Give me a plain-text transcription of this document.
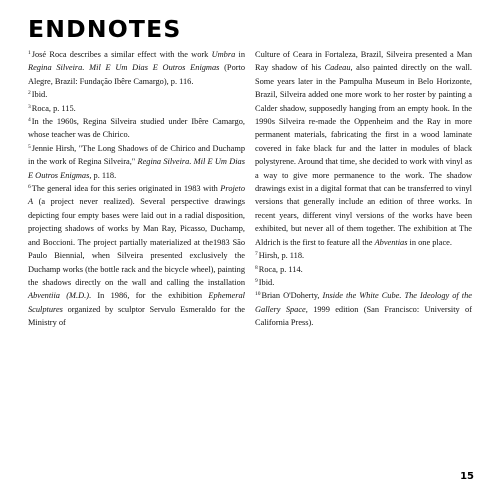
ENDNOTES

$^1$José Roca describes a similar effect with the work Umbra in Regina Silveira. Mil E Um Dias E Outros Enigmas (Porto Alegre, Brazil: Fundação Ibêre Camargo), p. 116.

$^2$Ibid.

$^3$Roca, p. 115.

$^4$In the 1960s, Regina Silveira studied under Ibêre Camargo, whose teacher was de Chirico.

$^5$Jennie Hirsh, "The Long Shadows of de Chirico and Duchamp in the work of Regina Silveira," Regina Silveira. Mil E Um Dias E Outros Enigmas, p. 118.

$^6$The general idea for this series originated in 1983 with Projeto A (a project never realized). Several perspective drawings depicting four empty bases were laid out in a radial disposition, projecting shadows of works by Man Ray, Picasso, Duchamp, and Boccioni. The project partially materialized at the1983 São Paulo Biennial, when Silveira presented exclusively the Duchamp works (the bottle rack and the bicycle wheel), painting the shadows directly on the wall and calling the installation Abventiia (M.D.). In 1986, for the exhibition Ephemeral Sculptures organized by sculptor Servulo Esmeraldo for the Ministry of

Culture of Ceara in Fortaleza, Brazil, Silveira presented a Man Ray shadow of his Cadeau, also painted directly on the wall. Some years later in the Pampulha Museum in Belo Horizonte, Brazil, Silveira added one more work to her roster by painting a Calder shadow, supposedly hanging from an empty hook. In the 1990s Silveira re-made the Oppenheim and the Ray in more permanent materials, fabricating the first in a wood laminate covered in fake black fur and the latter in modules of black polystyrene. Around that time, she decided to work with vinyl as a way to give more permanence to the work. The shadow drawings exist in a digital format that can be transferred to vinyl versions that generally include an edition of three works. In recent years, different vinyl versions of the works have been exhibited, but never all of them together. The exhibition at The Aldrich is the first to feature all the Abventias in one place.

$^7$Hirsh, p. 118.

$^8$Roca, p. 114.

$^9$Ibid.

$^{10}$Brian O'Doherty, Inside the White Cube. The Ideology of the Gallery Space, 1999 edition (San Francisco: University of California Press).

15
